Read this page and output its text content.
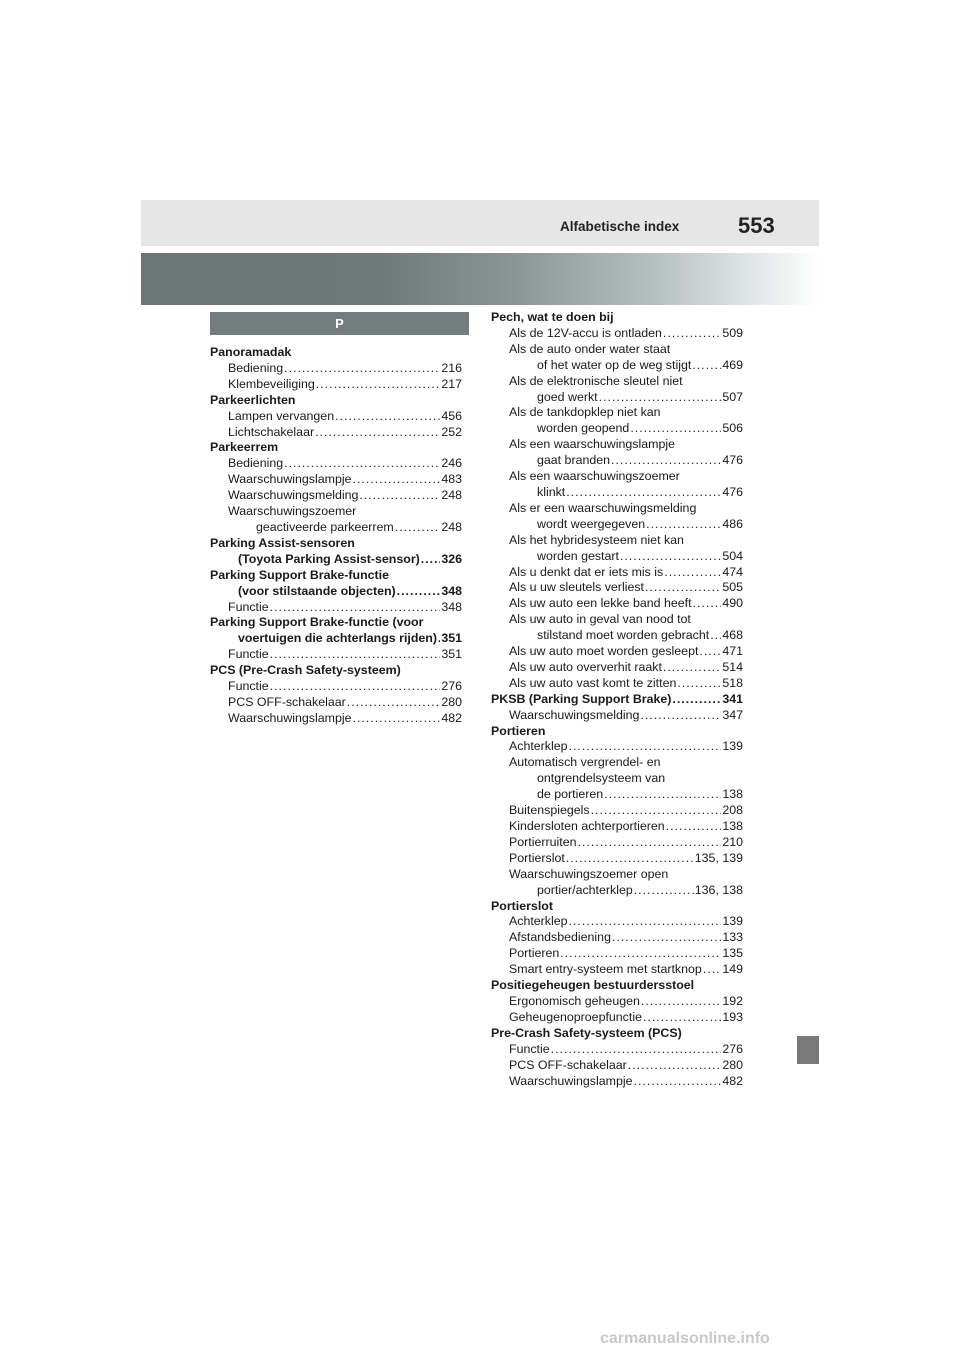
Alfabetische index	553
P
Panoramadak
Bediening .....	216
Klembeveiliging .....	217
Parkeerlichten
Lampen vervangen .....	456
Lichtschakelaar .....	252
Parkeerrem
Bediening .....	246
Waarschuwingslampje .....	483
Waarschuwingsmelding .....	248
Waarschuwingszoemer
geactiveerde parkeerrem .....	248
Parking Assist-sensoren
(Toyota Parking Assist-sensor) ..... 326
Parking Support Brake-functie
(voor stilstaande objecten) .....	348
Functie .....	348
Parking Support Brake-functie (voor
voertuigen die achterlangs rijden) ..... 351
Functie .....	351
PCS (Pre-Crash Safety-systeem)
Functie .....	276
PCS OFF-schakelaar .....	280
Waarschuwingslampje .....	482
Pech, wat te doen bij
Als de 12V-accu is ontladen .....	509
Als de auto onder water staat
of het water op de weg stijgt .....	469
Als de elektronische sleutel niet
goed werkt .....	507
Als de tankdopklep niet kan
worden geopend .....	506
Als een waarschuwingslampje
gaat branden .....	476
Als een waarschuwingszoemer
klinkt .....	476
Als er een waarschuwingsmelding
wordt weergegeven .....	486
Als het hybridesysteem niet kan
worden gestart .....	504
Als u denkt dat er iets mis is .....	474
Als u uw sleutels verliest .....	505
Als uw auto een lekke band heeft ..... 490
Als uw auto in geval van nood tot
stilstand moet worden gebracht ..... 468
Als uw auto moet worden gesleept ..... 471
Als uw auto oververhit raakt .....	514
Als uw auto vast komt te zitten .....	518
PKSB (Parking Support Brake) .....	341
Waarschuwingsmelding .....	347
Portieren
Achterklep .....	139
Automatisch vergrendel- en
ontgrendelsysteem van
de portieren .....	138
Buitenspiegels .....	208
Kindersloten achterportieren .....	138
Portierruiten .....	210
Portierslot .....	135, 139
Waarschuwingszoemer open
portier/achterklep .....	136, 138
Portierslot
Achterklep .....	139
Afstandsbediening .....	133
Portieren .....	135
Smart entry-systeem met startknop ..... 149
Positiegeheugen bestuurdersstoel
Ergonomisch geheugen .....	192
Geheugenoproepfunctie .....	193
Pre-Crash Safety-systeem (PCS)
Functie .....	276
PCS OFF-schakelaar .....	280
Waarschuwingslampje .....	482
carmanualsonline.info
